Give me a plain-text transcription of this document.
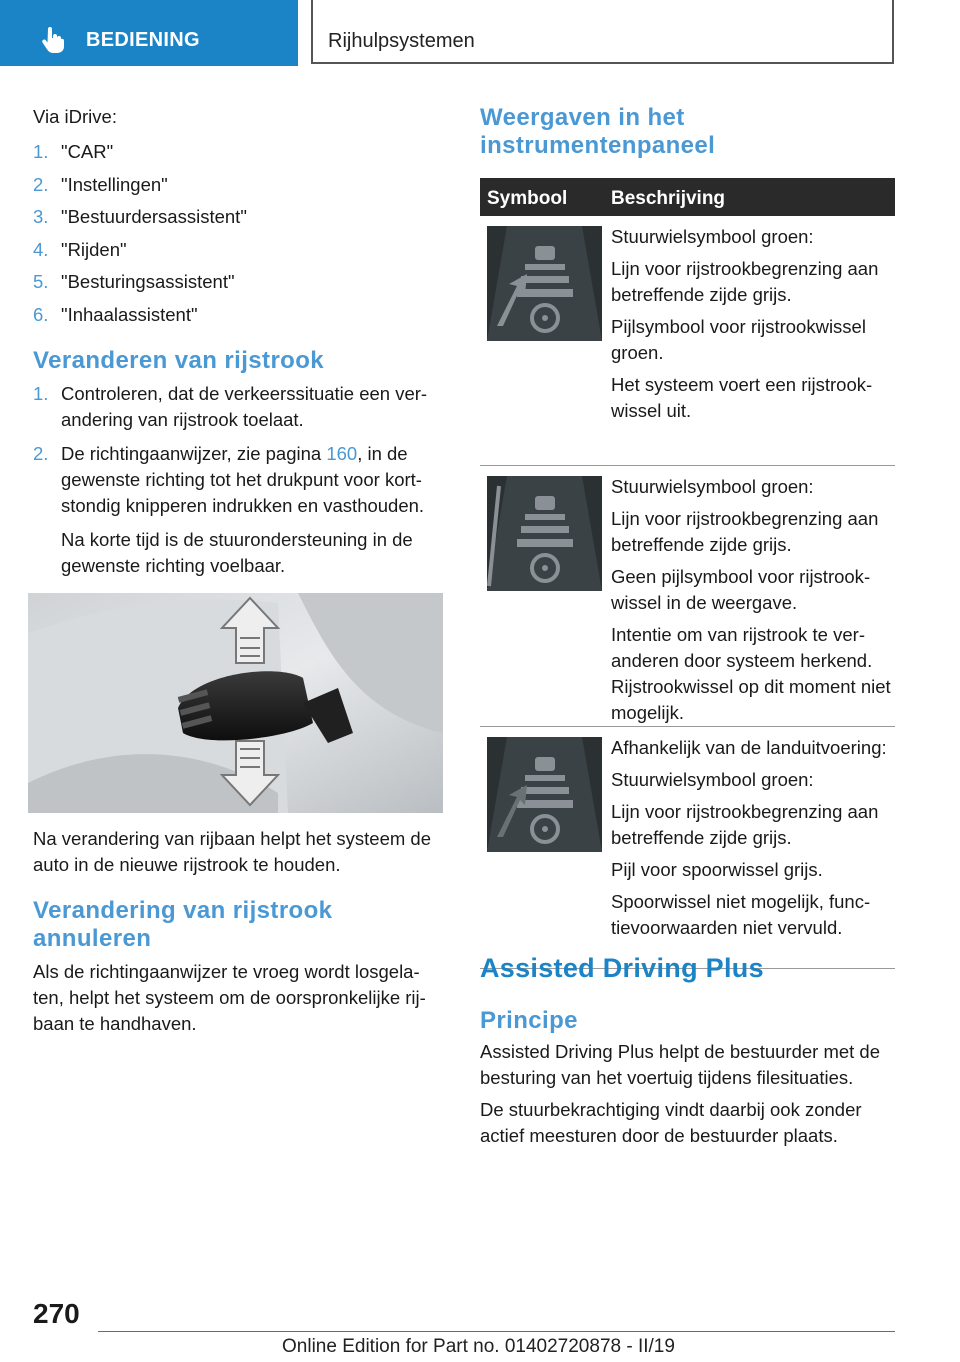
BEDIENING	Rijhulpsystemen

Via iDrive:

1. "CAR"
2. "Instellingen"
3. "Bestuurdersassistent"
4. "Rijden"
5. "Besturingsassistent"
6. "Inhaalassistent"

Veranderen van rijstrook

1. Controleren, dat de verkeerssituatie een verandering van rijstrook toelaat.
2. De richtingaanwijzer, zie pagina 160, in de gewenste richting tot het drukpunt voor kortstondig knipperen indrukken en vasthouden.

Na korte tijd is de stuurondersteuning in de gewenste richting voelbaar.

Na verandering van rijbaan helpt het systeem de auto in de nieuwe rijstrook te houden.

Verandering van rijstrook annuleren

Als de richtingaanwijzer te vroeg wordt losgelaten, helpt het systeem om de oorspronkelijke rijbaan te handhaven.

Weergaven in het instrumentenpaneel

Symbool Beschrijving

Stuurwielsymbool groen:

Lijn voor rijstrookbegrenzing aan betreffende zijde grijs.

Pijlsymbool voor rijstrookwissel groen.

Het systeem voert een rijstrookwissel uit.

Stuurwielsymbool groen:

Lijn voor rijstrookbegrenzing aan betreffende zijde grijs.

Geen pijlsymbool voor rijstrookwissel in de weergave.

Intentie om van rijstrook te veranderen door systeem herkend. Rijstrookwissel op dit moment niet mogelijk.

Afhankelijk van de landuitvoering:

Stuurwielsymbool groen:

Lijn voor rijstrookbegrenzing aan betreffende zijde grijs.

Pijl voor spoorwissel grijs.

Spoorwissel niet mogelijk, functievoorwaarden niet vervuld.

Assisted Driving Plus

Principe

Assisted Driving Plus helpt de bestuurder met de besturing van het voertuig tijdens filesituaties.

De stuurbekrachtiging vindt daarbij ook zonder actief meesturen door de bestuurder plaats.

270
Online Edition for Part no. 01402720878 - II/19
